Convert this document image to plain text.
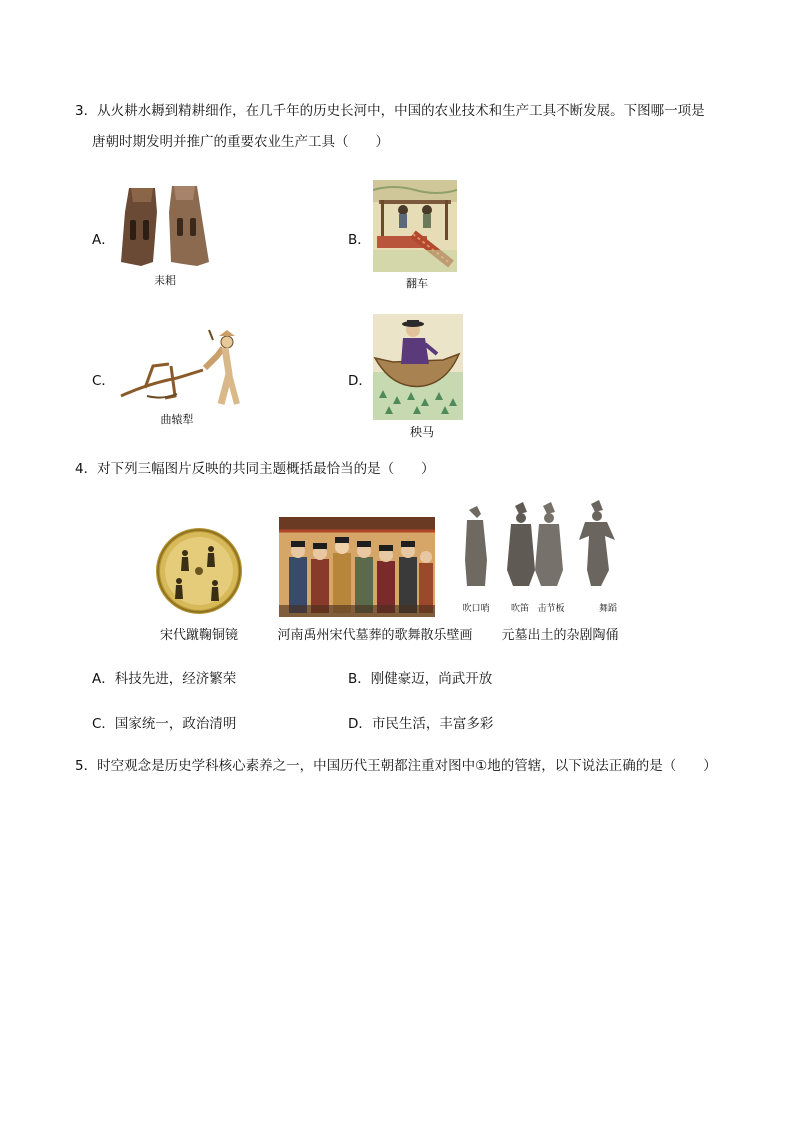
3．从火耕水耨到精耕细作，在几千年的历史长河中，中国的农业技术和生产工具不断发展。下图哪一项是
唐朝时期发明并推广的重要农业生产工具（　　）
A．
耒耜
B．
翻车
C．
曲辕犁
D．
秧马
4．对下列三幅图片反映的共同主题概括最恰当的是（　　）
宋代蹴鞠铜镜	河南禹州宋代墓葬的歌舞散乐壁画
吹口哨	吹笛 击节板	舞蹈
元墓出土的杂剧陶俑
A．科技先进，经济繁荣	B．刚健豪迈，尚武开放
C．国家统一，政治清明	D．市民生活，丰富多彩
5．时空观念是历史学科核心素养之一，中国历代王朝都注重对图中①地的管辖，以下说法正确的是（　　）
